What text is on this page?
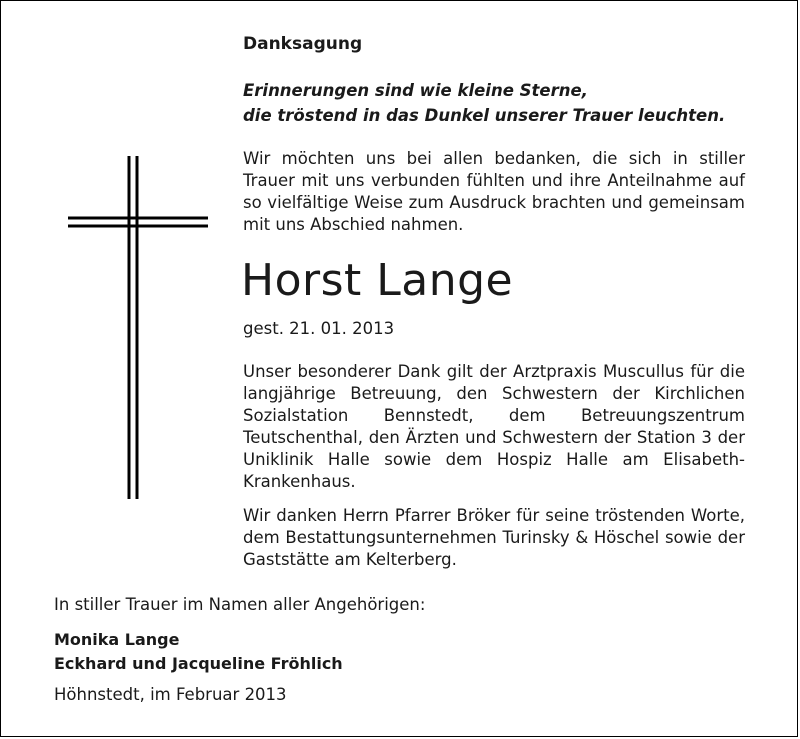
Danksagung

Erinnerungen sind wie kleine Sterne,
die tröstend in das Dunkel unserer Trauer leuchten.

Wir möchten uns bei allen bedanken, die sich in stiller Trauer mit uns verbunden fühlten und ihre Anteilnahme auf so vielfältige Weise zum Ausdruck brachten und gemeinsam mit uns Abschied nahmen.

Horst Lange

gest. 21. 01. 2013

Unser besonderer Dank gilt der Arztpraxis Muscullus für die langjährige Betreuung, den Schwestern der Kirchlichen Sozialstation Bennstedt, dem Betreuungszentrum Teutschenthal, den Ärzten und Schwestern der Station 3 der Uniklinik Halle sowie dem Hospiz Halle am Elisabeth-Krankenhaus.

Wir danken Herrn Pfarrer Bröker für seine tröstenden Worte, dem Bestattungsunternehmen Turinsky & Höschel sowie der Gaststätte am Kelterberg.

In stiller Trauer im Namen aller Angehörigen:

Monika Lange
Eckhard und Jacqueline Fröhlich

Höhnstedt, im Februar 2013
